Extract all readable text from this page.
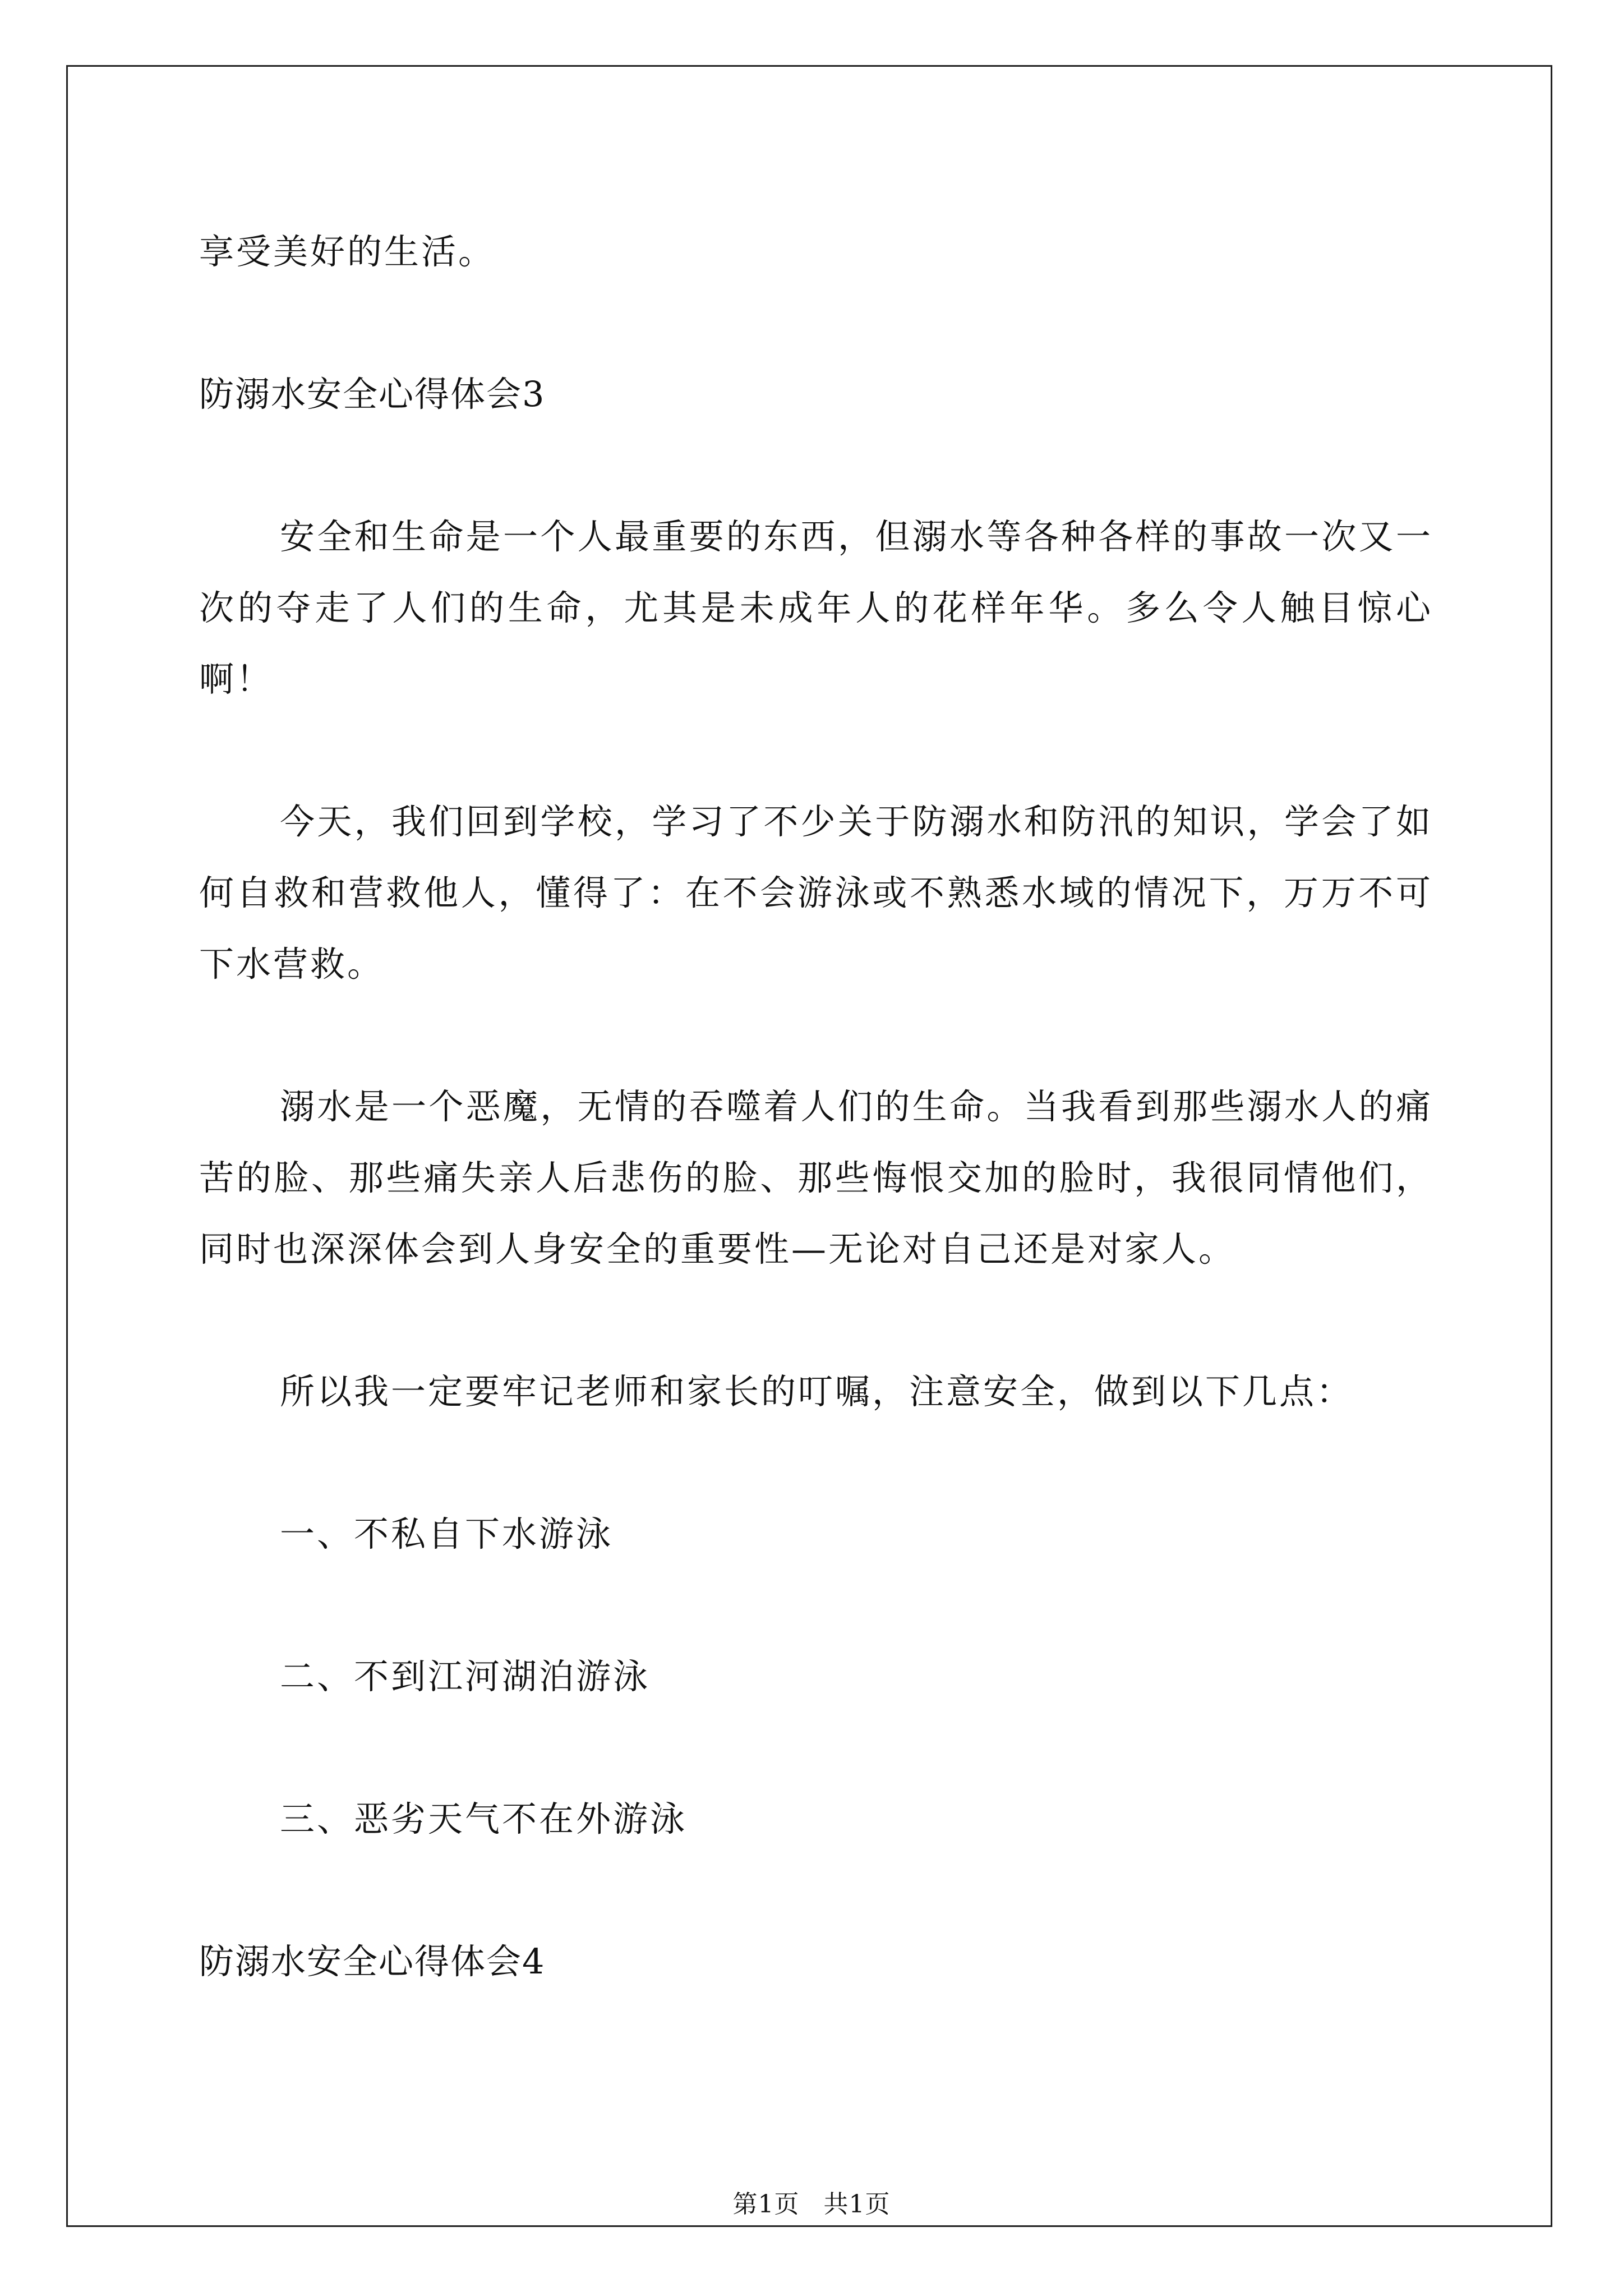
享受美好的生活。

防溺水安全心得体会3

安全和生命是一个人最重要的东西，但溺水等各种各样的事故一次又一次的夺走了人们的生命，尤其是未成年人的花样年华。多么令人触目惊心啊！

今天，我们回到学校，学习了不少关于防溺水和防汛的知识，学会了如何自救和营救他人，懂得了：在不会游泳或不熟悉水域的情况下，万万不可下水营救。

溺水是一个恶魔，无情的吞噬着人们的生命。当我看到那些溺水人的痛苦的脸、那些痛失亲人后悲伤的脸、那些悔恨交加的脸时，我很同情他们，同时也深深体会到人身安全的重要性—无论对自己还是对家人。

所以我一定要牢记老师和家长的叮嘱，注意安全，做到以下几点：

一、不私自下水游泳

二、不到江河湖泊游泳

三、恶劣天气不在外游泳

防溺水安全心得体会4

第1页 共1页
